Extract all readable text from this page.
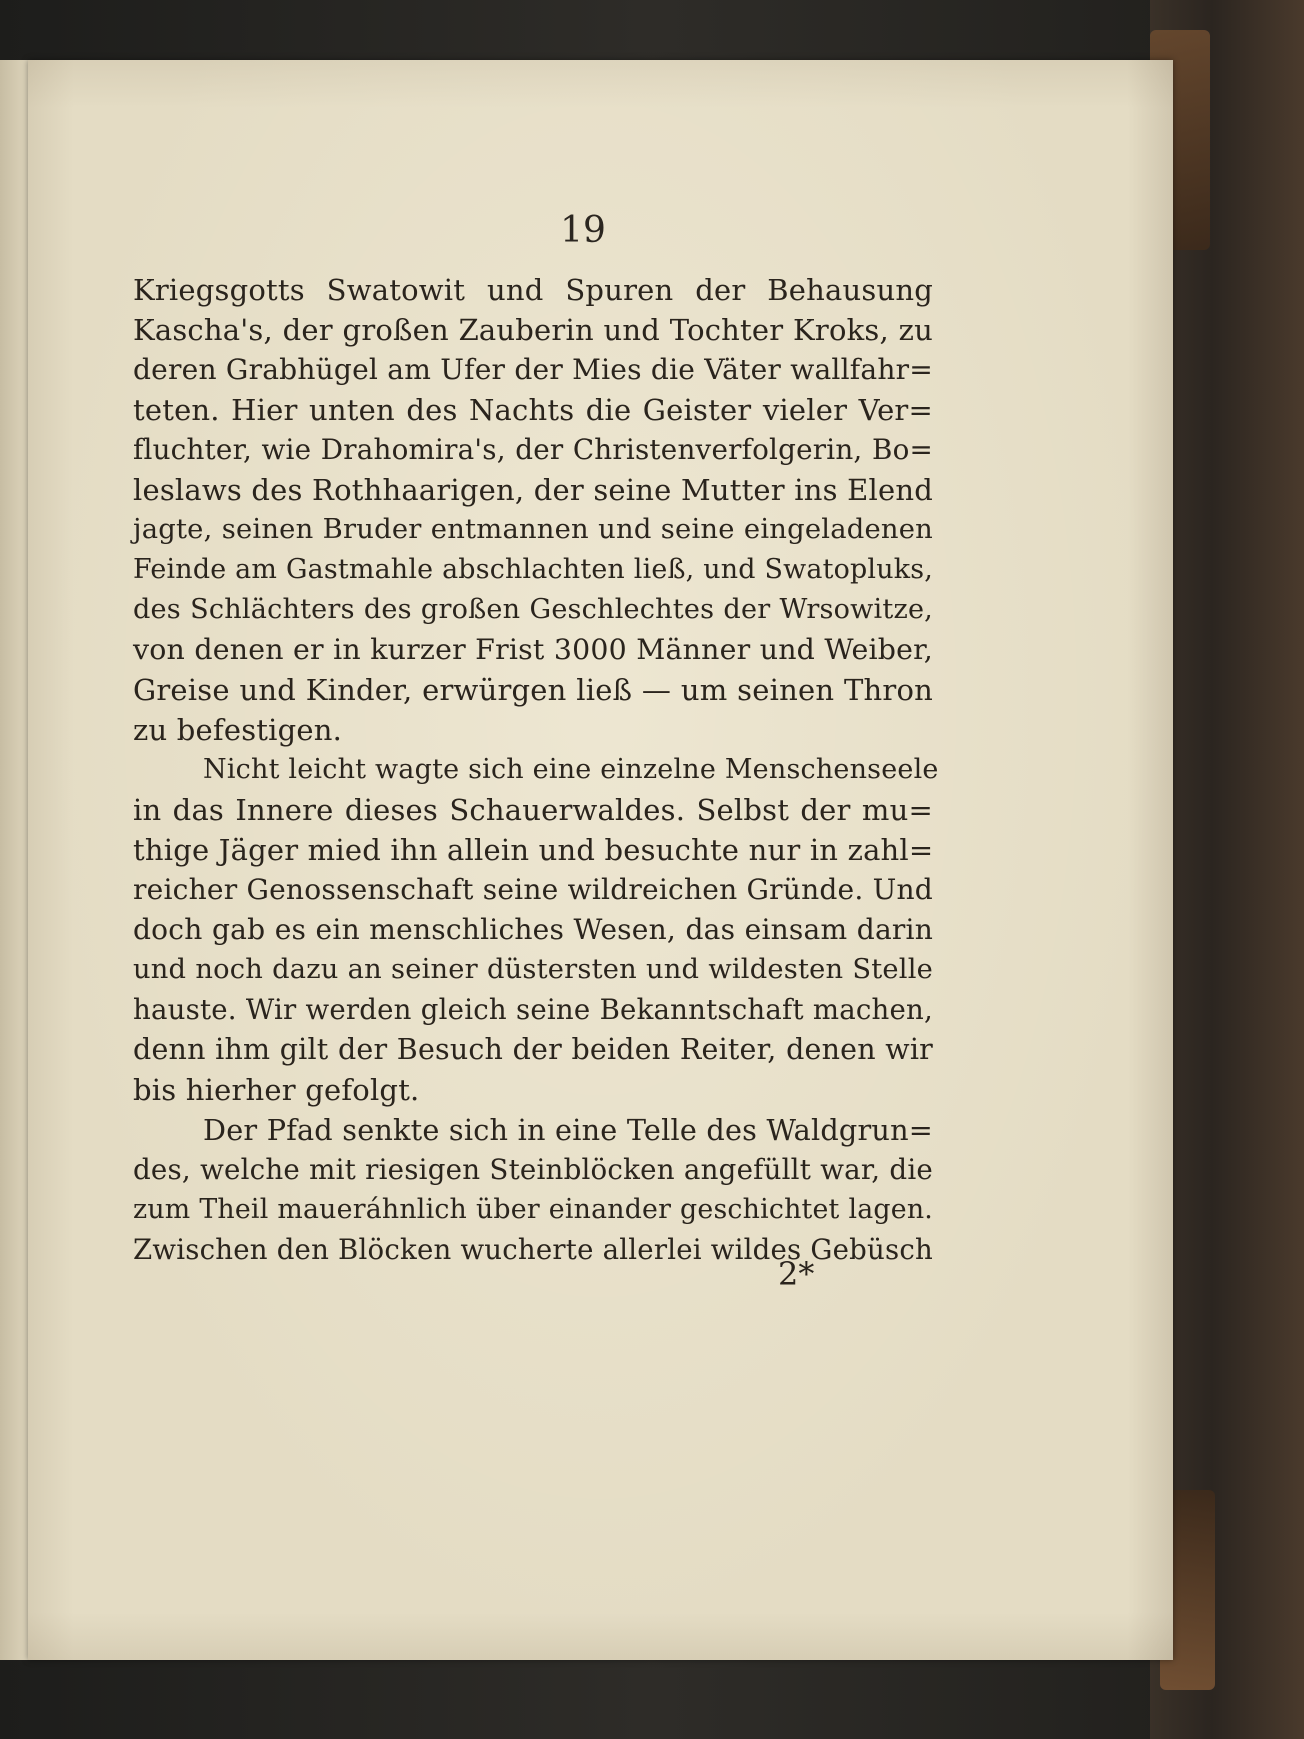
19
Kriegsgotts Swatowit und Spuren der Behausung
Kascha's, der großen Zauberin und Tochter Kroks, zu
deren Grabhügel am Ufer der Mies die Väter wallfahr=
teten. Hier unten des Nachts die Geister vieler Ver=
fluchter, wie Drahomira's, der Christenverfolgerin, Bo=
leslaws des Rothhaarigen, der seine Mutter ins Elend
jagte, seinen Bruder entmannen und seine eingeladenen
Feinde am Gastmahle abschlachten ließ, und Swatopluks,
des Schlächters des großen Geschlechtes der Wrsowitze,
von denen er in kurzer Frist 3000 Männer und Weiber,
Greise und Kinder, erwürgen ließ — um seinen Thron
zu befestigen.
Nicht leicht wagte sich eine einzelne Menschenseele
in das Innere dieses Schauerwaldes. Selbst der mu=
thige Jäger mied ihn allein und besuchte nur in zahl=
reicher Genossenschaft seine wildreichen Gründe. Und
doch gab es ein menschliches Wesen, das einsam darin
und noch dazu an seiner düstersten und wildesten Stelle
hauste. Wir werden gleich seine Bekanntschaft machen,
denn ihm gilt der Besuch der beiden Reiter, denen wir
bis hierher gefolgt.
Der Pfad senkte sich in eine Telle des Waldgrun=
des, welche mit riesigen Steinblöcken angefüllt war, die
zum Theil maueráhnlich über einander geschichtet lagen.
Zwischen den Blöcken wucherte allerlei wildes Gebüsch
2*
